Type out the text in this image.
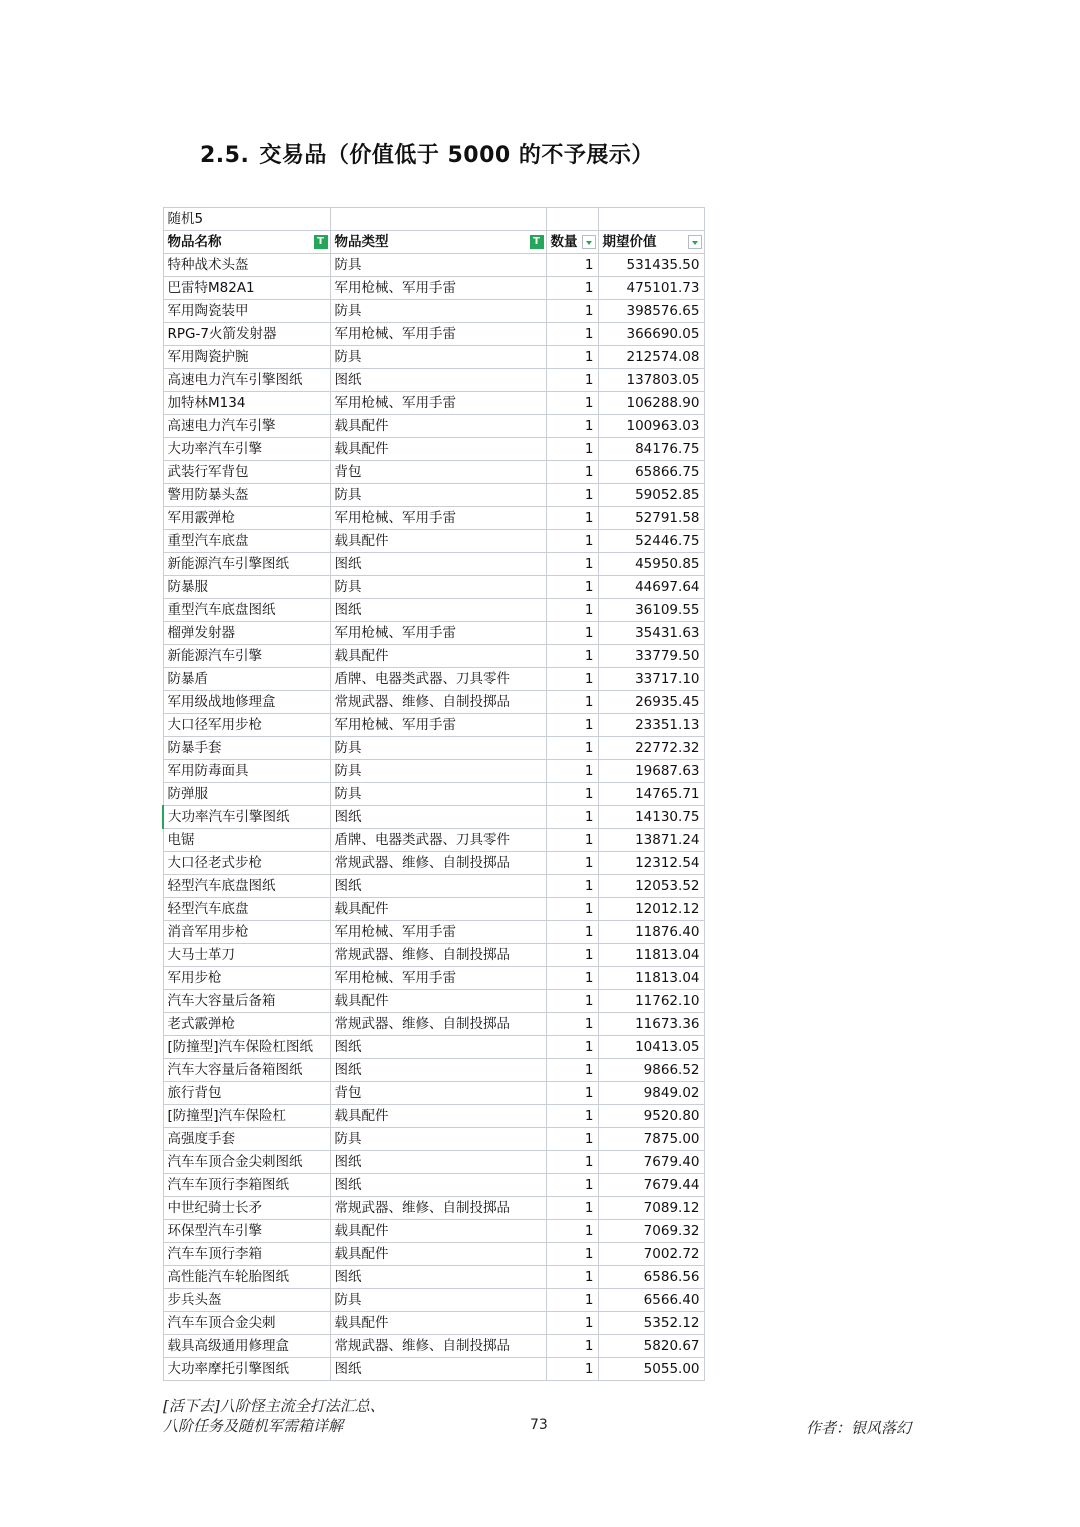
2.5. 交易品（价值低于 5000 的不予展示）
随机5			
物品名称 T	物品类型 T	数量	期望价值

特种战术头盔	防具	1	531435.50
巴雷特M82A1	军用枪械、军用手雷	1	475101.73
军用陶瓷装甲	防具	1	398576.65
RPG-7火箭发射器	军用枪械、军用手雷	1	366690.05
军用陶瓷护腕	防具	1	212574.08
高速电力汽车引擎图纸	图纸	1	137803.05
加特林M134	军用枪械、军用手雷	1	106288.90
高速电力汽车引擎	载具配件	1	100963.03
大功率汽车引擎	载具配件	1	84176.75
武装行军背包	背包	1	65866.75
警用防暴头盔	防具	1	59052.85
军用霰弹枪	军用枪械、军用手雷	1	52791.58
重型汽车底盘	载具配件	1	52446.75
新能源汽车引擎图纸	图纸	1	45950.85
防暴服	防具	1	44697.64
重型汽车底盘图纸	图纸	1	36109.55
榴弹发射器	军用枪械、军用手雷	1	35431.63
新能源汽车引擎	载具配件	1	33779.50
防暴盾	盾牌、电器类武器、刀具零件	1	33717.10
军用级战地修理盒	常规武器、维修、自制投掷品	1	26935.45
大口径军用步枪	军用枪械、军用手雷	1	23351.13
防暴手套	防具	1	22772.32
军用防毒面具	防具	1	19687.63
防弹服	防具	1	14765.71
大功率汽车引擎图纸	图纸	1	14130.75
电锯	盾牌、电器类武器、刀具零件	1	13871.24
大口径老式步枪	常规武器、维修、自制投掷品	1	12312.54
轻型汽车底盘图纸	图纸	1	12053.52
轻型汽车底盘	载具配件	1	12012.12
消音军用步枪	军用枪械、军用手雷	1	11876.40
大马士革刀	常规武器、维修、自制投掷品	1	11813.04
军用步枪	军用枪械、军用手雷	1	11813.04
汽车大容量后备箱	载具配件	1	11762.10
老式霰弹枪	常规武器、维修、自制投掷品	1	11673.36
[防撞型]汽车保险杠图纸	图纸	1	10413.05
汽车大容量后备箱图纸	图纸	1	9866.52
旅行背包	背包	1	9849.02
[防撞型]汽车保险杠	载具配件	1	9520.80
高强度手套	防具	1	7875.00
汽车车顶合金尖刺图纸	图纸	1	7679.40
汽车车顶行李箱图纸	图纸	1	7679.44
中世纪骑士长矛	常规武器、维修、自制投掷品	1	7089.12
环保型汽车引擎	载具配件	1	7069.32
汽车车顶行李箱	载具配件	1	7002.72
高性能汽车轮胎图纸	图纸	1	6586.56
步兵头盔	防具	1	6566.40
汽车车顶合金尖刺	载具配件	1	5352.12
载具高级通用修理盒	常规武器、维修、自制投掷品	1	5820.67
大功率摩托引擎图纸	图纸	1	5055.00
[活下去]八阶怪主流全打法汇总、
八阶任务及随机军需箱详解	73	作者：银风落幻
